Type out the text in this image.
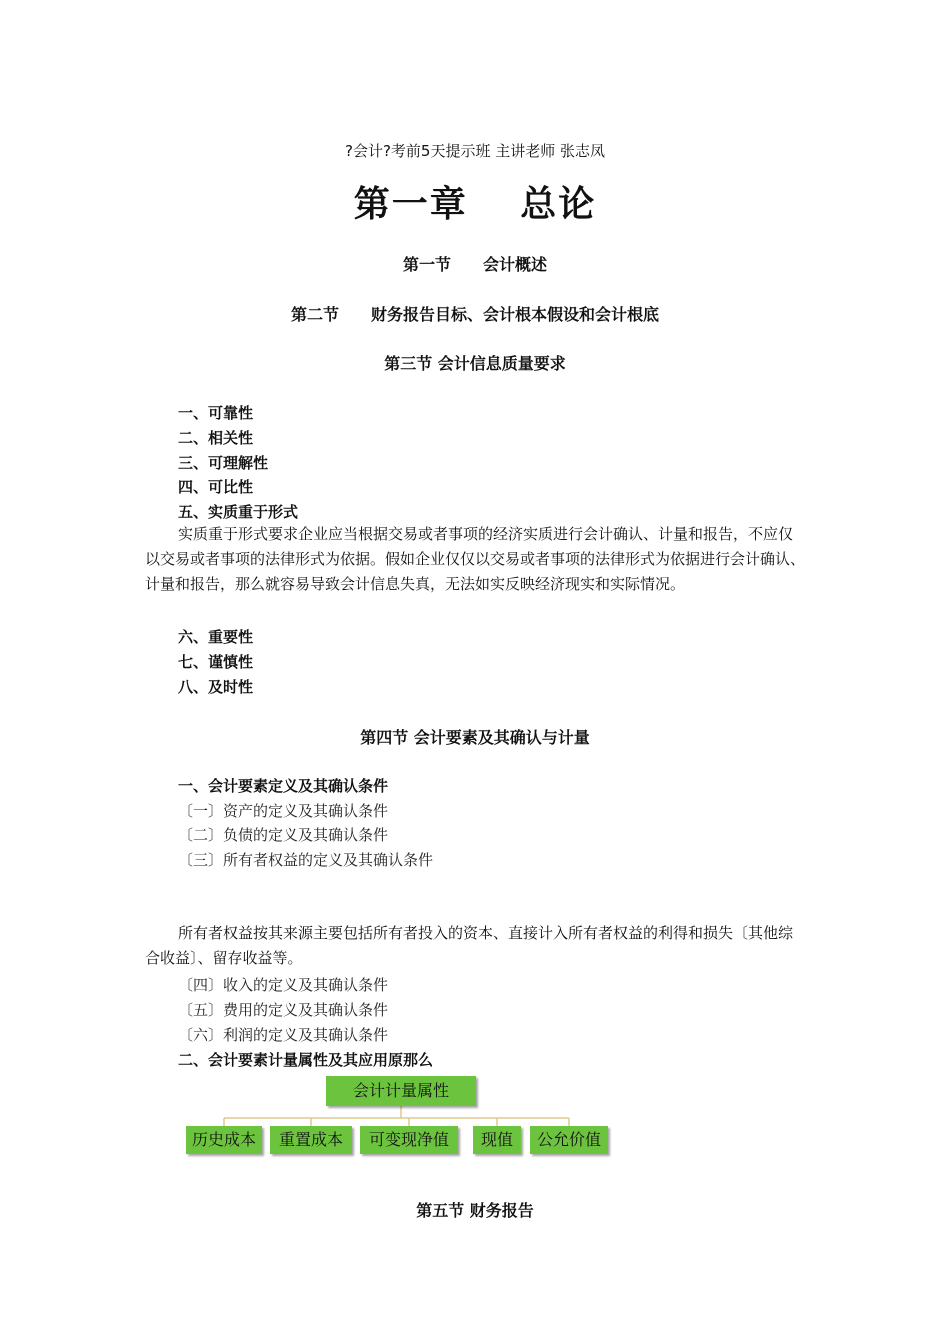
?会计?考前5天提示班 主讲老师 张志凤
第一章　 总论
第一节　　会计概述
第二节　　财务报告目标、会计根本假设和会计根底
第三节 会计信息质量要求
一、可靠性
二、相关性
三、可理解性
四、可比性
五、实质重于形式
实质重于形式要求企业应当根据交易或者事项的经济实质进行会计确认、计量和报告，不应仅以交易或者事项的法律形式为依据。假如企业仅仅以交易或者事项的法律形式为依据进行会计确认、计量和报告，那么就容易导致会计信息失真，无法如实反映经济现实和实际情况。
六、重要性
七、谨慎性
八、及时性
第四节 会计要素及其确认与计量
一、会计要素定义及其确认条件
〔一〕资产的定义及其确认条件
〔二〕负债的定义及其确认条件
〔三〕所有者权益的定义及其确认条件
所有者权益按其来源主要包括所有者投入的资本、直接计入所有者权益的利得和损失〔其他综合收益〕、留存收益等。
〔四〕收入的定义及其确认条件
〔五〕费用的定义及其确认条件
〔六〕利润的定义及其确认条件
二、会计要素计量属性及其应用原那么
会计计量属性
历史成本	重置成本	可变现净值	现值	公允价值
第五节 财务报告
